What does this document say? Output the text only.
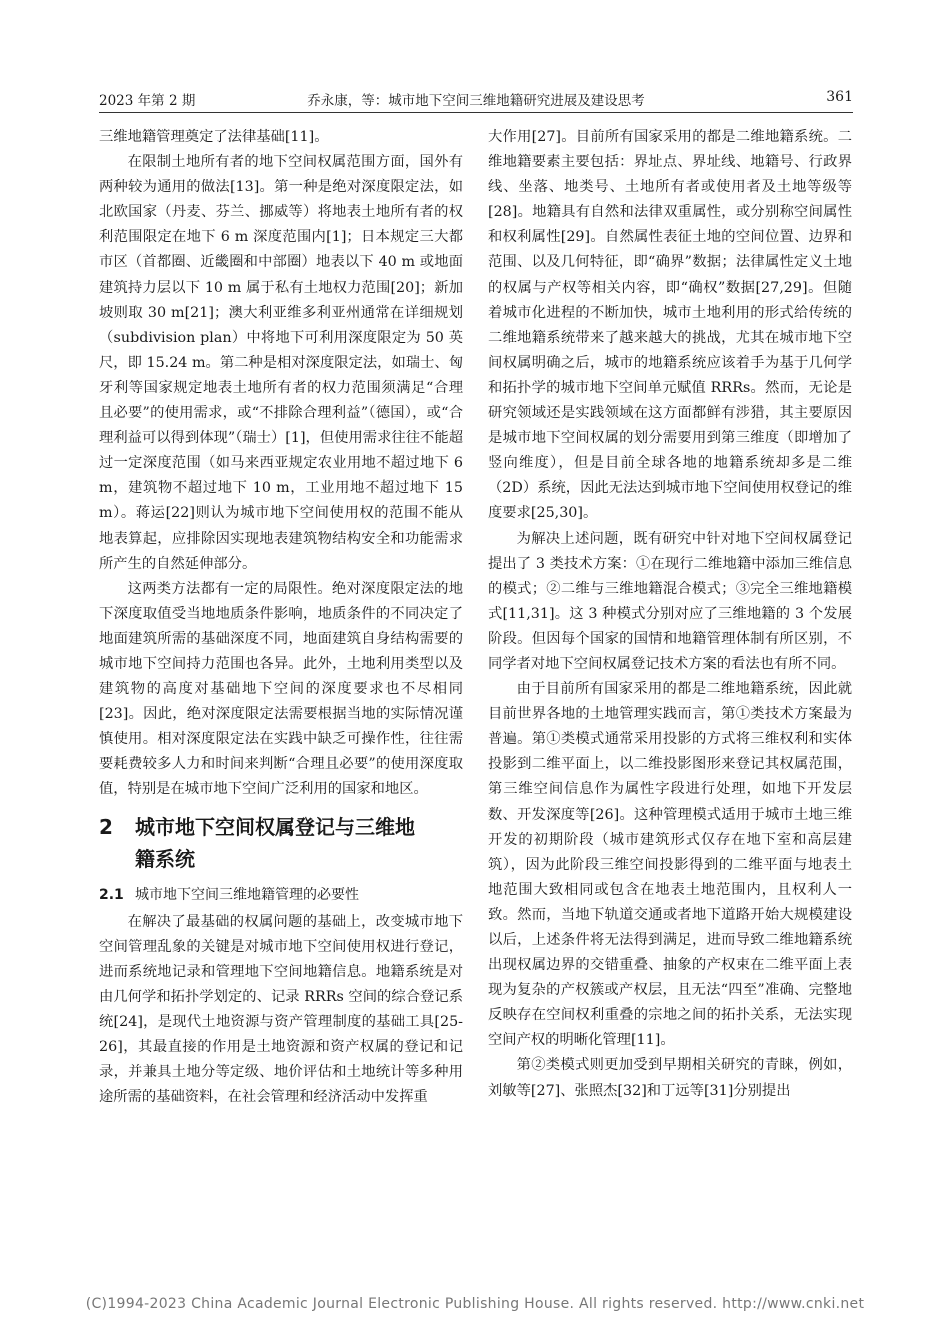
2023 年第 2 期	乔永康，等：城市地下空间三维地籍研究进展及建设思考	361

三维地籍管理奠定了法律基础[11]。

在限制土地所有者的地下空间权属范围方面，国外有两种较为通用的做法[13]。第一种是绝对深度限定法，如北欧国家（丹麦、芬兰、挪威等）将地表土地所有者的权利范围限定在地下 6 m 深度范围内[1]；日本规定三大都市区（首都圈、近畿圈和中部圈）地表以下 40 m 或地面建筑持力层以下 10 m 属于私有土地权力范围[20]；新加坡则取 30 m[21]；澳大利亚维多利亚州通常在详细规划（subdivision plan）中将地下可利用深度限定为 50 英尺，即 15.24 m。第二种是相对深度限定法，如瑞士、匈牙利等国家规定地表土地所有者的权力范围须满足“合理且必要”的使用需求，或“不排除合理利益”（德国），或“合理利益可以得到体现”（瑞士）[1]，但使用需求往往不能超过一定深度范围（如马来西亚规定农业用地不超过地下 6 m，建筑物不超过地下 10 m，工业用地不超过地下 15 m）。蒋运[22]则认为城市地下空间使用权的范围不能从地表算起，应排除因实现地表建筑物结构安全和功能需求所产生的自然延伸部分。

这两类方法都有一定的局限性。绝对深度限定法的地下深度取值受当地地质条件影响，地质条件的不同决定了地面建筑所需的基础深度不同，地面建筑自身结构需要的城市地下空间持力范围也各异。此外，土地利用类型以及建筑物的高度对基础地下空间的深度要求也不尽相同[23]。因此，绝对深度限定法需要根据当地的实际情况谨慎使用。相对深度限定法在实践中缺乏可操作性，往往需要耗费较多人力和时间来判断“合理且必要”的使用深度取值，特别是在城市地下空间广泛利用的国家和地区。

2 城市地下空间权属登记与三维地
籍系统
2.1 城市地下空间三维地籍管理的必要性

在解决了最基础的权属问题的基础上，改变城市地下空间管理乱象的关键是对城市地下空间使用权进行登记，进而系统地记录和管理地下空间地籍信息。地籍系统是对由几何学和拓扑学划定的、记录 RRRs 空间的综合登记系统[24]，是现代土地资源与资产管理制度的基础工具[25-26]，其最直接的作用是土地资源和资产权属的登记和记录，并兼具土地分等定级、地价评估和土地统计等多种用途所需的基础资料，在社会管理和经济活动中发挥重

大作用[27]。目前所有国家采用的都是二维地籍系统。二维地籍要素主要包括：界址点、界址线、地籍号、行政界线、坐落、地类号、土地所有者或使用者及土地等级等[28]。地籍具有自然和法律双重属性，或分别称空间属性和权利属性[29]。自然属性表征土地的空间位置、边界和范围、以及几何特征，即“确界”数据；法律属性定义土地的权属与产权等相关内容，即“确权”数据[27,29]。但随着城市化进程的不断加快，城市土地利用的形式给传统的二维地籍系统带来了越来越大的挑战，尤其在城市地下空间权属明确之后，城市的地籍系统应该着手为基于几何学和拓扑学的城市地下空间单元赋值 RRRs。然而，无论是研究领域还是实践领域在这方面都鲜有涉猎，其主要原因是城市地下空间权属的划分需要用到第三维度（即增加了竖向维度），但是目前全球各地的地籍系统却多是二维（2D）系统，因此无法达到城市地下空间使用权登记的维度要求[25,30]。

为解决上述问题，既有研究中针对地下空间权属登记提出了 3 类技术方案：①在现行二维地籍中添加三维信息的模式；②二维与三维地籍混合模式；③完全三维地籍模式[11,31]。这 3 种模式分别对应了三维地籍的 3 个发展阶段。但因每个国家的国情和地籍管理体制有所区别，不同学者对地下空间权属登记技术方案的看法也有所不同。

由于目前所有国家采用的都是二维地籍系统，因此就目前世界各地的土地管理实践而言，第①类技术方案最为普遍。第①类模式通常采用投影的方式将三维权利和实体投影到二维平面上，以二维投影图形来登记其权属范围，第三维空间信息作为属性字段进行处理，如地下开发层数、开发深度等[26]。这种管理模式适用于城市土地三维开发的初期阶段（城市建筑形式仅存在地下室和高层建筑），因为此阶段三维空间投影得到的二维平面与地表土地范围大致相同或包含在地表土地范围内，且权利人一致。然而，当地下轨道交通或者地下道路开始大规模建设以后，上述条件将无法得到满足，进而导致二维地籍系统出现权属边界的交错重叠、抽象的产权束在二维平面上表现为复杂的产权簇或产权层，且无法“四至”准确、完整地反映存在空间权利重叠的宗地之间的拓扑关系，无法实现空间产权的明晰化管理[11]。

第②类模式则更加受到早期相关研究的青睐，例如，刘敏等[27]、张照杰[32]和丁远等[31]分别提出

(C)1994-2023 China Academic Journal Electronic Publishing House. All rights reserved. http://www.cnki.net
